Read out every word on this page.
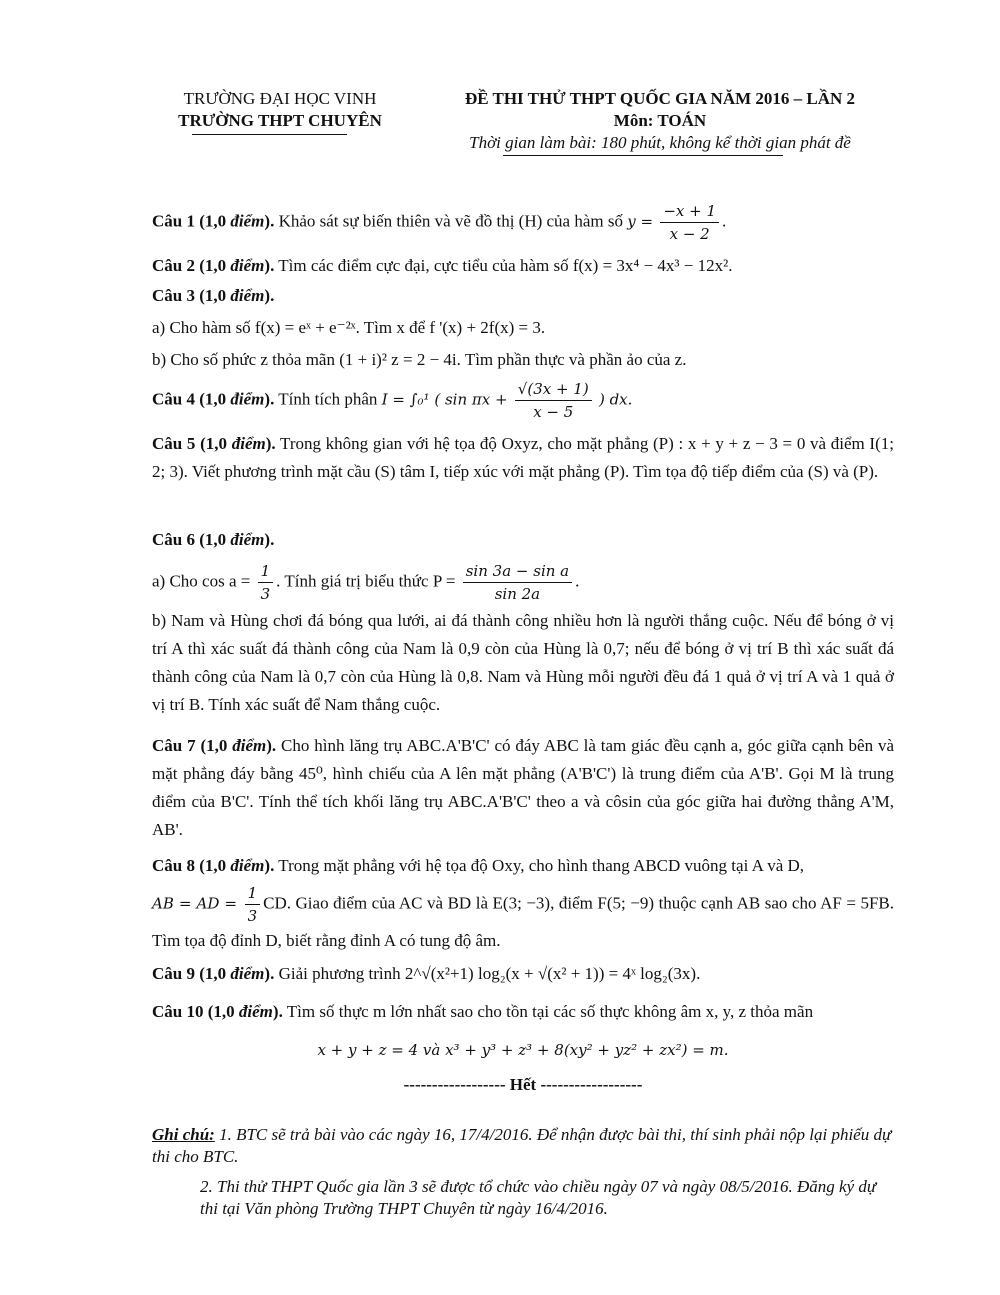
TRƯỜNG ĐẠI HỌC VINH
TRƯỜNG THPT CHUYÊN
ĐỀ THI THỬ THPT QUỐC GIA NĂM 2016 – LẦN 2
Môn: TOÁN
Thời gian làm bài: 180 phút, không kể thời gian phát đề
Câu 1 (1,0 điểm). Khảo sát sự biến thiên và vẽ đồ thị (H) của hàm số $y = \frac{-x + 1}{x - 2}$ .
Câu 2 (1,0 điểm). Tìm các điểm cực đại, cực tiểu của hàm số f(x) = 3x⁴ − 4x³ − 12x².
Câu 3 (1,0 điểm).
a) Cho hàm số f(x) = eˣ + e⁻²ˣ. Tìm x để f '(x) + 2f(x) = 3.
b) Cho số phức z thỏa mãn (1 + i)² z = 2 − 4i. Tìm phần thực và phần ảo của z.
Câu 4 (1,0 điểm). Tính tích phân I = ∫₀¹ ( $\sin \pi x + \frac{√(3x + 1)}{x - 5}$ ) dx.
Câu 5 (1,0 điểm). Trong không gian với hệ tọa độ Oxyz, cho mặt phẳng (P) : x + y + z − 3 = 0 và điểm I(1; 2; 3). Viết phương trình mặt cầu (S) tâm I, tiếp xúc với mặt phẳng (P). Tìm tọa độ tiếp điểm của (S) và (P).
Câu 6 (1,0 điểm).
a) Cho $\cos a = \frac{1}{3}$ . Tính giá trị biểu thức $P = \frac{\text{sin 3a − sin a}}{\sin 2a}$ .
b) Nam và Hùng chơi đá bóng qua lưới, ai đá thành công nhiều hơn là người thắng cuộc. Nếu để bóng ở vị trí A thì xác suất đá thành công của Nam là 0,9 còn của Hùng là 0,7; nếu để bóng ở vị trí B thì xác suất đá thành công của Nam là 0,7 còn của Hùng là 0,8. Nam và Hùng mỗi người đều đá 1 quả ở vị trí A và 1 quả ở vị trí B. Tính xác suất để Nam thắng cuộc.
Câu 7 (1,0 điểm). Cho hình lăng trụ ABC.A'B'C' có đáy ABC là tam giác đều cạnh a, góc giữa cạnh bên và mặt phẳng đáy bằng 45⁰, hình chiếu của A lên mặt phẳng (A'B'C') là trung điểm của A'B'. Gọi M là trung điểm của B'C'. Tính thể tích khối lăng trụ ABC.A'B'C' theo a và côsin của góc giữa hai đường thẳng A'M, AB'.
Câu 8 (1,0 điểm). Trong mặt phẳng với hệ tọa độ Oxy, cho hình thang ABCD vuông tại A và D,
AB = AD = $\frac{1}{3}$ CD. Giao điểm của AC và BD là E(3; −3), điểm F(5; −9) thuộc cạnh AB sao cho AF = 5FB. Tìm tọa độ đỉnh D, biết rằng đỉnh A có tung độ âm.
Câu 9 (1,0 điểm). Giải phương trình 2^√(x²+1) log₂(x + √(x² + 1)) = 4ˣ log₂(3x).
Câu 10 (1,0 điểm). Tìm số thực m lớn nhất sao cho tồn tại các số thực không âm x, y, z thỏa mãn
x + y + z = 4 và x³ + y³ + z³ + 8(xy² + yz² + zx²) = m.
------------------ Hết ------------------
Ghi chú: 1. BTC sẽ trả bài vào các ngày 16, 17/4/2016. Để nhận được bài thi, thí sinh phải nộp lại phiếu dự thi cho BTC.
2. Thi thử THPT Quốc gia lần 3 sẽ được tổ chức vào chiều ngày 07 và ngày 08/5/2016. Đăng ký dự thi tại Văn phòng Trường THPT Chuyên từ ngày 16/4/2016.
